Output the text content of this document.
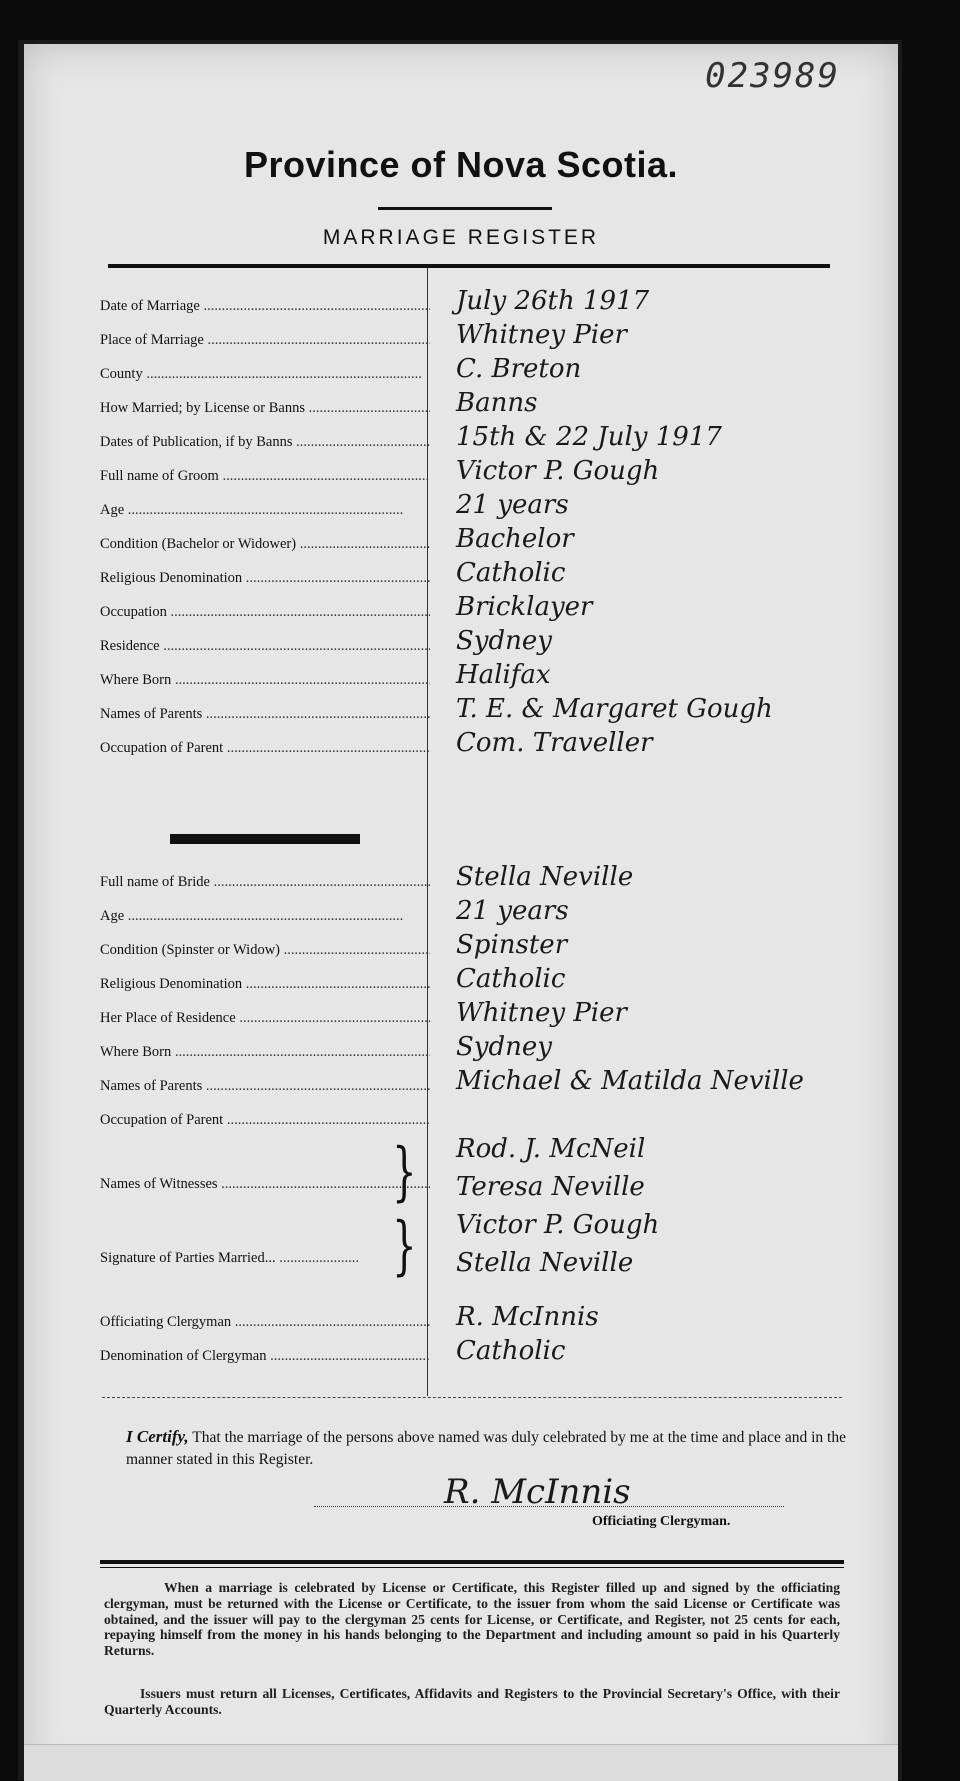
023989
Province of Nova Scotia.
MARRIAGE REGISTER
Date of Marriage .....	July 26th 1917
Place of Marriage .....	Whitney Pier
County .....	C. Breton
How Married; by License or Banns .....	Banns
Dates of Publication, if by Banns .....	15th & 22 July 1917
Full name of Groom .....	Victor P. Gough
Age .....	21 years
Condition (Bachelor or Widower) .....	Bachelor
Religious Denomination .....	Catholic
Occupation .....	Bricklayer
Residence .....	Sydney
Where Born .....	Halifax
Names of Parents .....	T. E. & Margaret Gough
Occupation of Parent .....	Com. Traveller
Full name of Bride .....	Stella Neville
Age .....	21 years
Condition (Spinster or Widow) .....	Spinster
Religious Denomination .....	Catholic
Her Place of Residence .....	Whitney Pier
Where Born .....	Sydney
Names of Parents .....	Michael & Matilda Neville
Occupation of Parent .....
Names of Witnesses .....	} Rod. J. McNeil
Teresa Neville
Signature of Parties Married... .....	} Victor P. Gough
Stella Neville
Officiating Clergyman .....	R. McInnis
Denomination of Clergyman .....	Catholic
I Certify, That the marriage of the persons above named was duly celebrated by me at the time and place and in the manner stated in this Register.
R. McInnis
Officiating Clergyman.
When a marriage is celebrated by License or Certificate, this Register filled up and signed by the officiating clergyman, must be returned with the License or Certificate, to the issuer from whom the said License or Certificate was obtained, and the issuer will pay to the clergyman 25 cents for License, or Certificate, and Register, not 25 cents for each, repaying himself from the money in his hands belonging to the Department and including amount so paid in his Quarterly Returns.
Issuers must return all Licenses, Certificates, Affidavits and Registers to the Provincial Secretary's Office, with their Quarterly Accounts.
